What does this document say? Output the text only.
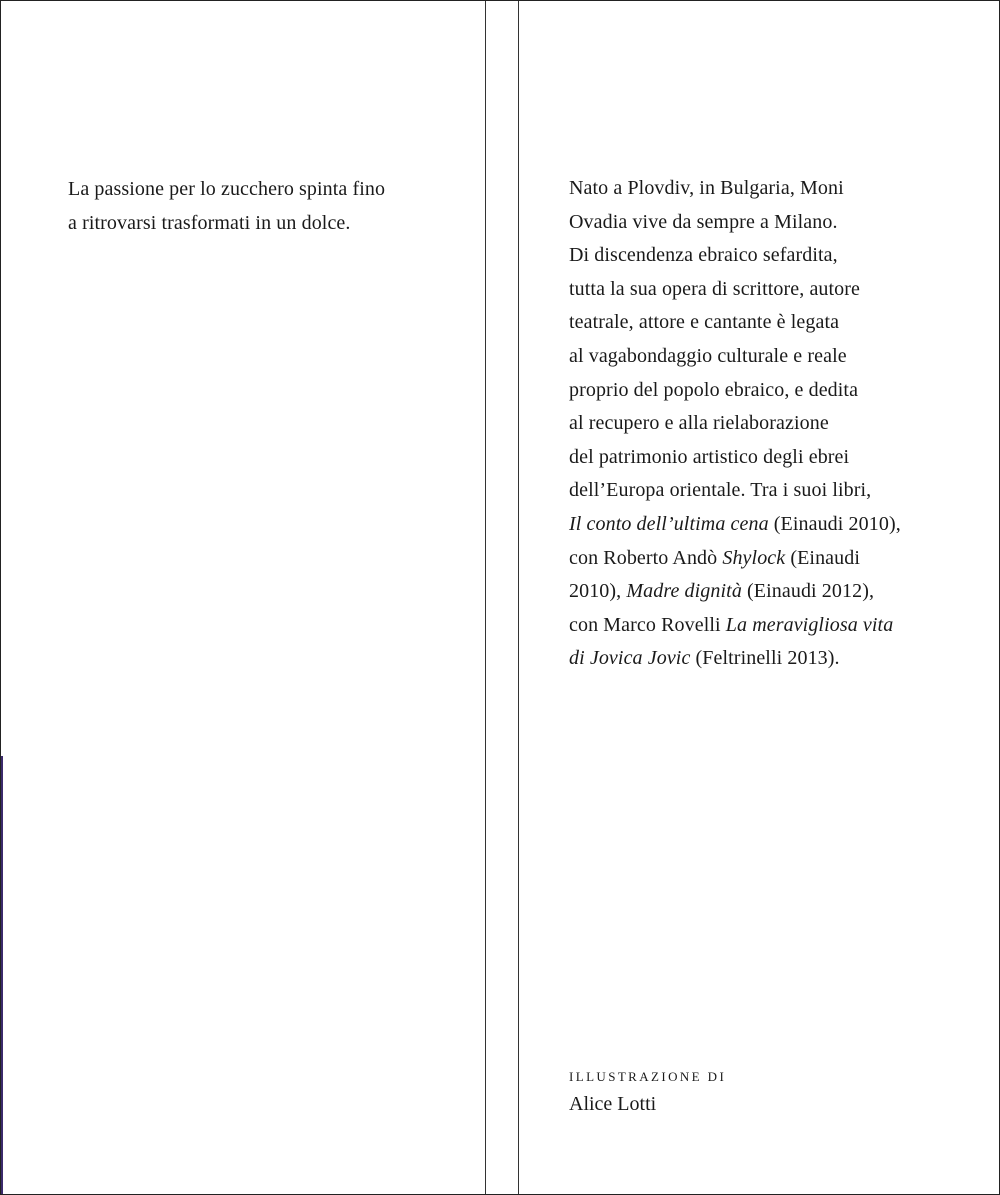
La passione per lo zucchero spinta fino

a ritrovarsi trasformati in un dolce.

Nato a Plovdiv, in Bulgaria, Moni
Ovadia vive da sempre a Milano.
Di discendenza ebraico sefardita,
tutta la sua opera di scrittore, autore
teatrale, attore e cantante è legata
al vagabondaggio culturale e reale
proprio del popolo ebraico, e dedita
al recupero e alla rielaborazione
del patrimonio artistico degli ebrei
dell’Europa orientale. Tra i suoi libri,
Il conto dell’ultima cena (Einaudi 2010),
con Roberto Andò Shylock (Einaudi
2010), Madre dignità (Einaudi 2012),
con Marco Rovelli La meravigliosa vita
di Jovica Jovic (Feltrinelli 2013).
ILLUSTRAZIONE DI
Alice Lotti
